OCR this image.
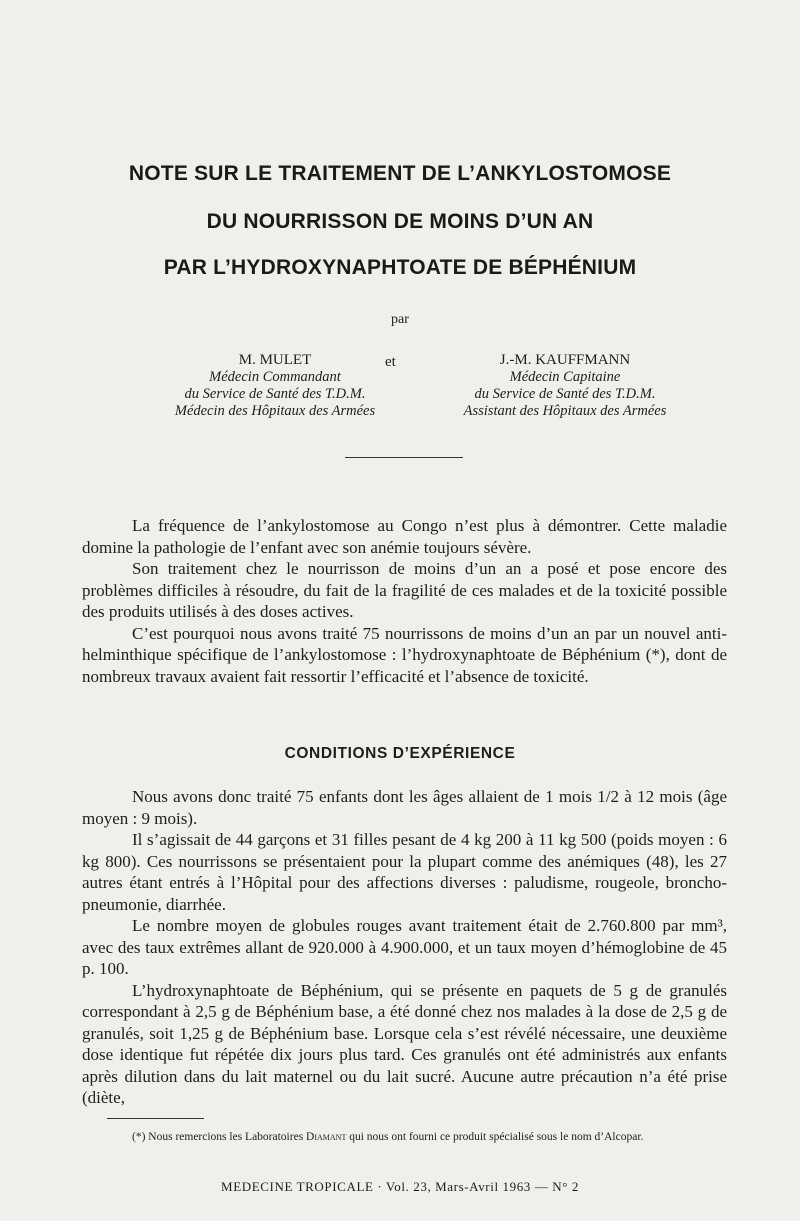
NOTE SUR LE TRAITEMENT DE L’ANKYLOSTOMOSE
DU NOURRISSON DE MOINS D’UN AN
PAR L’HYDROXYNAPHTOATE DE BÉPHÉNIUM
par
M. MULET
Médecin Commandant
du Service de Santé des T.D.M.
Médecin des Hôpitaux des Armées
et	J.-M. KAUFFMANN
Médecin Capitaine
du Service de Santé des T.D.M.
Assistant des Hôpitaux des Armées

La fréquence de l’ankylostomose au Congo n’est plus à démontrer. Cette maladie domine la pathologie de l’enfant avec son anémie toujours sévère.

Son traitement chez le nourrisson de moins d’un an a posé et pose encore des problèmes difficiles à résoudre, du fait de la fragilité de ces malades et de la toxicité possible des produits utilisés à des doses actives.

C’est pourquoi nous avons traité 75 nourrissons de moins d’un an par un nouvel anti-helminthique spécifique de l’ankylostomose : l’hydroxynaphtoate de Béphénium (*), dont de nombreux travaux avaient fait ressortir l’efficacité et l’absence de toxicité.

CONDITIONS D’EXPÉRIENCE

Nous avons donc traité 75 enfants dont les âges allaient de 1 mois 1/2 à 12 mois (âge moyen : 9 mois).

Il s’agissait de 44 garçons et 31 filles pesant de 4 kg 200 à 11 kg 500 (poids moyen : 6 kg 800). Ces nourrissons se présentaient pour la plupart comme des anémiques (48), les 27 autres étant entrés à l’Hôpital pour des affections diverses : paludisme, rougeole, broncho-pneumonie, diarrhée.

Le nombre moyen de globules rouges avant traitement était de 2.760.800 par mm³, avec des taux extrêmes allant de 920.000 à 4.900.000, et un taux moyen d’hémoglobine de 45 p. 100.

L’hydroxynaphtoate de Béphénium, qui se présente en paquets de 5 g de granulés correspondant à 2,5 g de Béphénium base, a été donné chez nos malades à la dose de 2,5 g de granulés, soit 1,25 g de Béphénium base. Lorsque cela s’est révélé nécessaire, une deuxième dose identique fut répétée dix jours plus tard. Ces granulés ont été administrés aux enfants après dilution dans du lait maternel ou du lait sucré. Aucune autre précaution n’a été prise (diète,

(*) Nous remercions les Laboratoires Diamant qui nous ont fourni ce produit spécialisé sous le nom d’Alcopar.
MEDECINE TROPICALE · Vol. 23, Mars-Avril 1963 — N° 2
